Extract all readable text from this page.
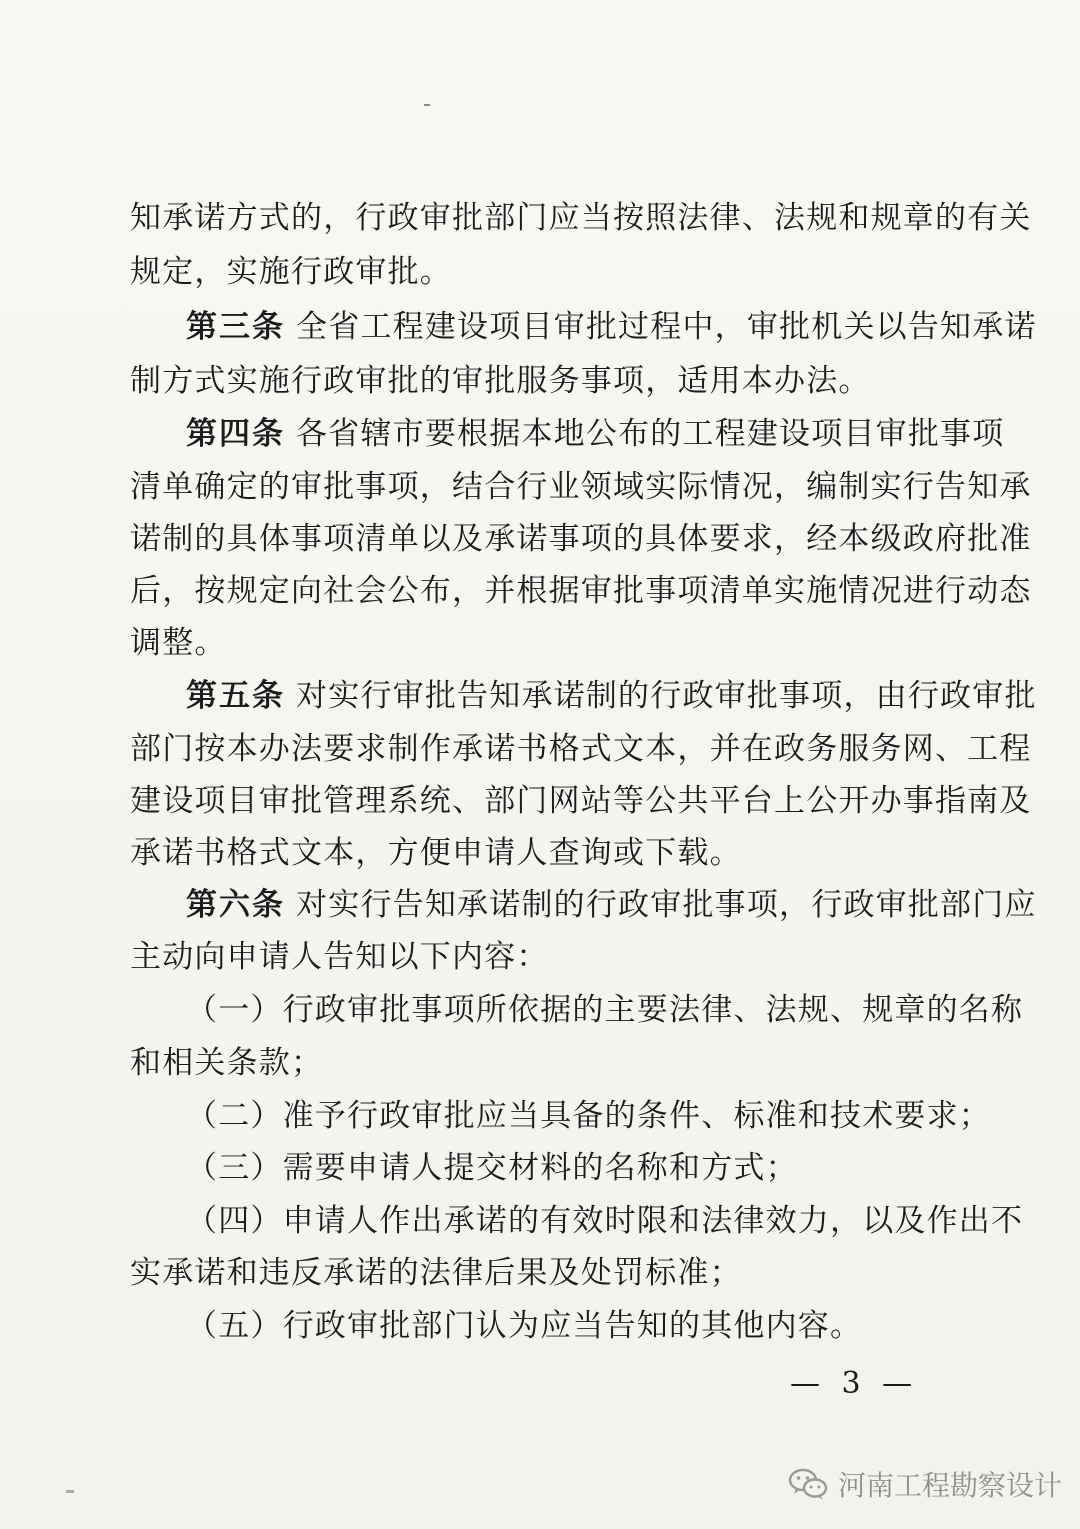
知承诺方式的，行政审批部门应当按照法律、法规和规章的有关
规定，实施行政审批。
第三条 全省工程建设项目审批过程中，审批机关以告知承诺
制方式实施行政审批的审批服务事项，适用本办法。
第四条 各省辖市要根据本地公布的工程建设项目审批事项
清单确定的审批事项，结合行业领域实际情况，编制实行告知承
诺制的具体事项清单以及承诺事项的具体要求，经本级政府批准
后，按规定向社会公布，并根据审批事项清单实施情况进行动态
调整。
第五条 对实行审批告知承诺制的行政审批事项，由行政审批
部门按本办法要求制作承诺书格式文本，并在政务服务网、工程
建设项目审批管理系统、部门网站等公共平台上公开办事指南及
承诺书格式文本，方便申请人查询或下载。
第六条 对实行告知承诺制的行政审批事项，行政审批部门应
主动向申请人告知以下内容：
（一）行政审批事项所依据的主要法律、法规、规章的名称
和相关条款；
（二）准予行政审批应当具备的条件、标准和技术要求；
（三）需要申请人提交材料的名称和方式；
（四）申请人作出承诺的有效时限和法律效力，以及作出不
实承诺和违反承诺的法律后果及处罚标准；
（五）行政审批部门认为应当告知的其他内容。
— 3 —
河南工程勘察设计
